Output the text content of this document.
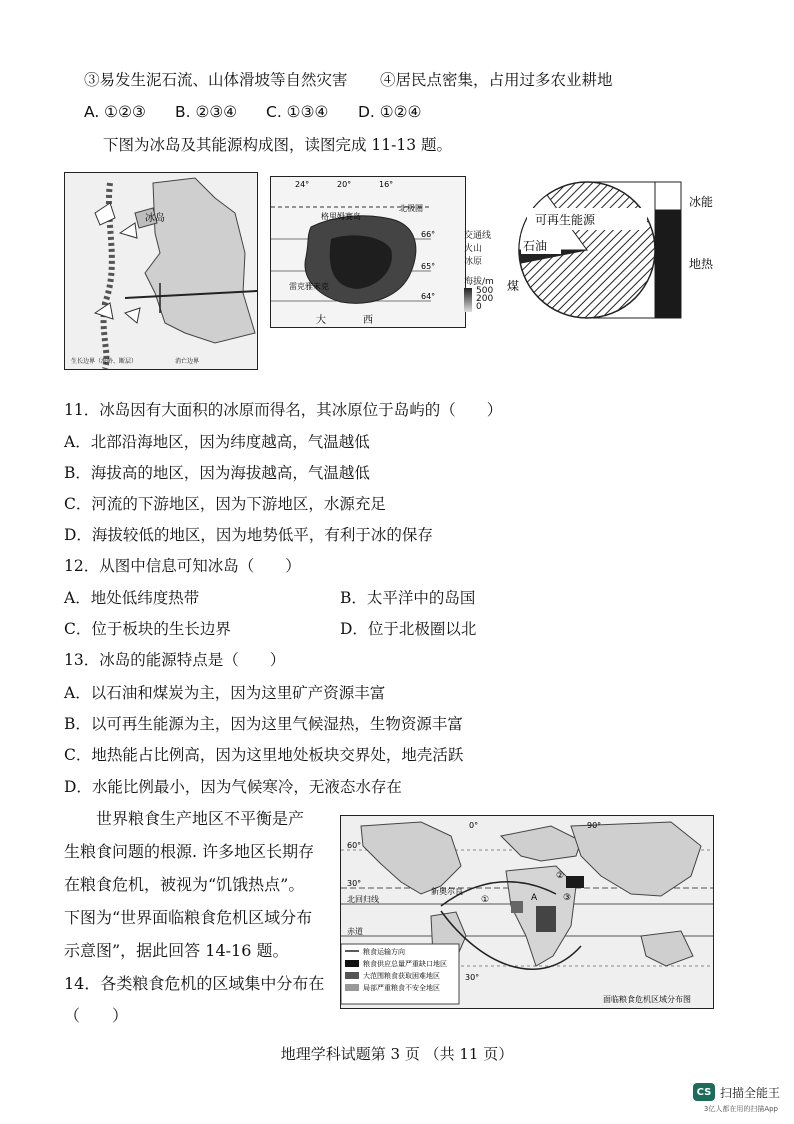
③易发生泥石流、山体滑坡等自然灾害 ④居民点密集，占用过多农业耕地
A. ①②③ B. ②③④ C. ①③④ D. ①②④
下图为冰岛及其能源构成图，读图完成 11-13 题。
冰岛
生长边界（海岭、断层）	消亡边界
24°	20°	16°
格里姆赛岛
北极圈
雷克雅未克
大	西
66°
65°
64°
交通线
火山
冰原
海拔/m
500
200
0
可再生能源
石油
煤
冰能
地热
11．冰岛因有大面积的冰原而得名，其冰原位于岛屿的（　　）
A．北部沿海地区，因为纬度越高，气温越低
B．海拔高的地区，因为海拔越高，气温越低
C．河流的下游地区，因为下游地区，水源充足
D．海拔较低的地区，因为地势低平，有利于冰的保存
12．从图中信息可知冰岛（　　）
A．地处低纬度热带	B．太平洋中的岛国
C．位于板块的生长边界	D．位于北极圈以北
13．冰岛的能源特点是（　　）
A．以石油和煤炭为主，因为这里矿产资源丰富
B．以可再生能源为主，因为这里气候湿热，生物资源丰富
C．地热能占比例高，因为这里地处板块交界处，地壳活跃
D．水能比例最小，因为气候寒冷，无液态水存在
世界粮食生产地区不平衡是产
生粮食问题的根源. 许多地区长期存
在粮食危机，被视为“饥饿热点”。
下图为“世界面临粮食危机区域分布
示意图”，据此回答 14-16 题。
14．各类粮食危机的区域集中分布在
（　　）
60°
30°
30°
0°	90°
北回归线
赤道
新奥尔良
A
①
②
③
粮食运输方向
粮食供应总量严重缺口地区
大范围粮食获取困难地区
局部严重粮食不安全地区
面临粮食危机区域分布图
地理学科试题第 3 页 （共 11 页）
CS 扫描全能王
3亿人都在用的扫描App
